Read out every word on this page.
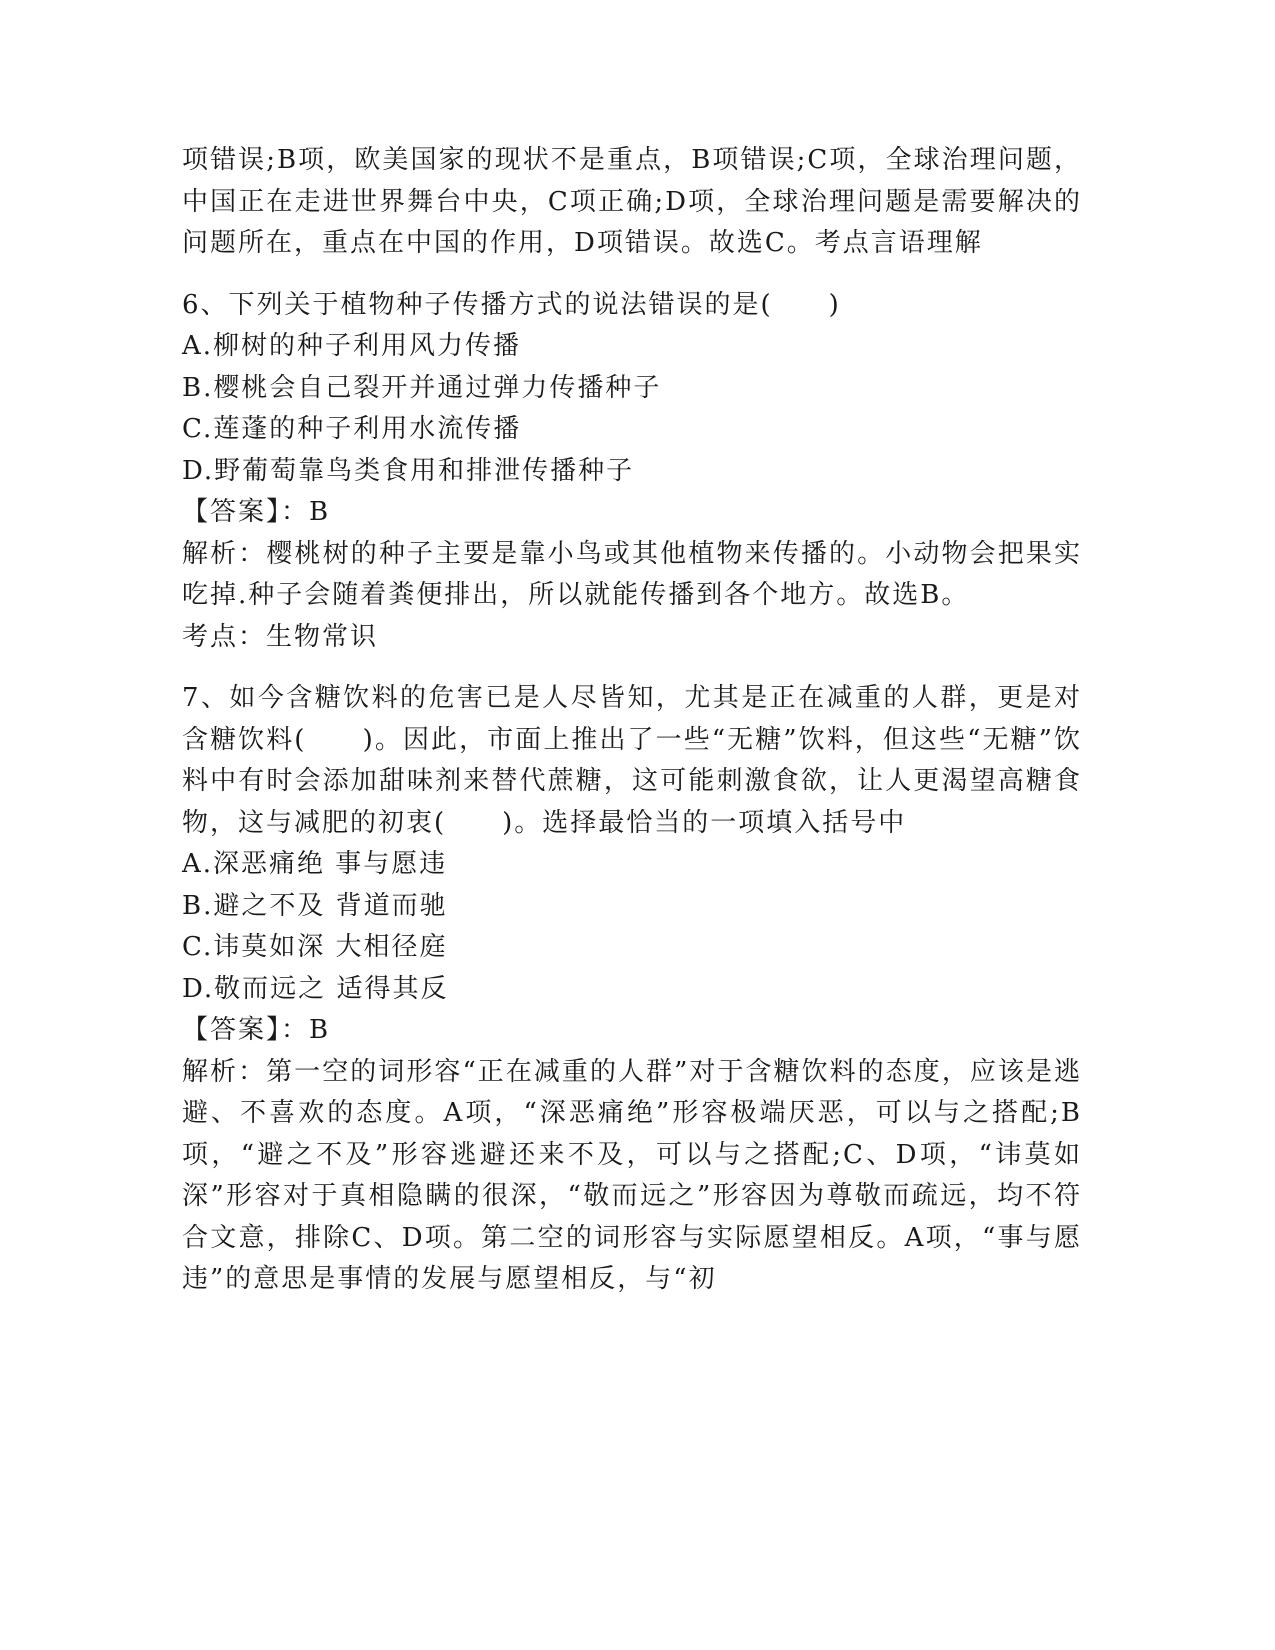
项错误;B项，欧美国家的现状不是重点，B项错误;C项，全球治理问题，中国正在走进世界舞台中央，C项正确;D项，全球治理问题是需要解决的问题所在，重点在中国的作用，D项错误。故选C。考点言语理解

6、下列关于植物种子传播方式的说法错误的是(　　)

A.柳树的种子利用风力传播

B.樱桃会自己裂开并通过弹力传播种子

C.莲蓬的种子利用水流传播

D.野葡萄靠鸟类食用和排泄传播种子

【答案】：B

解析：樱桃树的种子主要是靠小鸟或其他植物来传播的。小动物会把果实吃掉.种子会随着粪便排出，所以就能传播到各个地方。故选B。

考点：生物常识

7、如今含糖饮料的危害已是人尽皆知，尤其是正在减重的人群，更是对含糖饮料(　　)。因此，市面上推出了一些“无糖”饮料，但这些“无糖”饮料中有时会添加甜味剂来替代蔗糖，这可能刺激食欲，让人更渴望高糖食物，这与减肥的初衷(　　)。选择最恰当的一项填入括号中

A.深恶痛绝 事与愿违

B.避之不及 背道而驰

C.讳莫如深 大相径庭

D.敬而远之 适得其反

【答案】：B

解析：第一空的词形容“正在减重的人群”对于含糖饮料的态度，应该是逃避、不喜欢的态度。A项，“深恶痛绝”形容极端厌恶，可以与之搭配;B项，“避之不及”形容逃避还来不及，可以与之搭配;C、D项，“讳莫如深”形容对于真相隐瞒的很深，“敬而远之”形容因为尊敬而疏远，均不符合文意，排除C、D项。第二空的词形容与实际愿望相反。A项，“事与愿违”的意思是事情的发展与愿望相反，与“初
